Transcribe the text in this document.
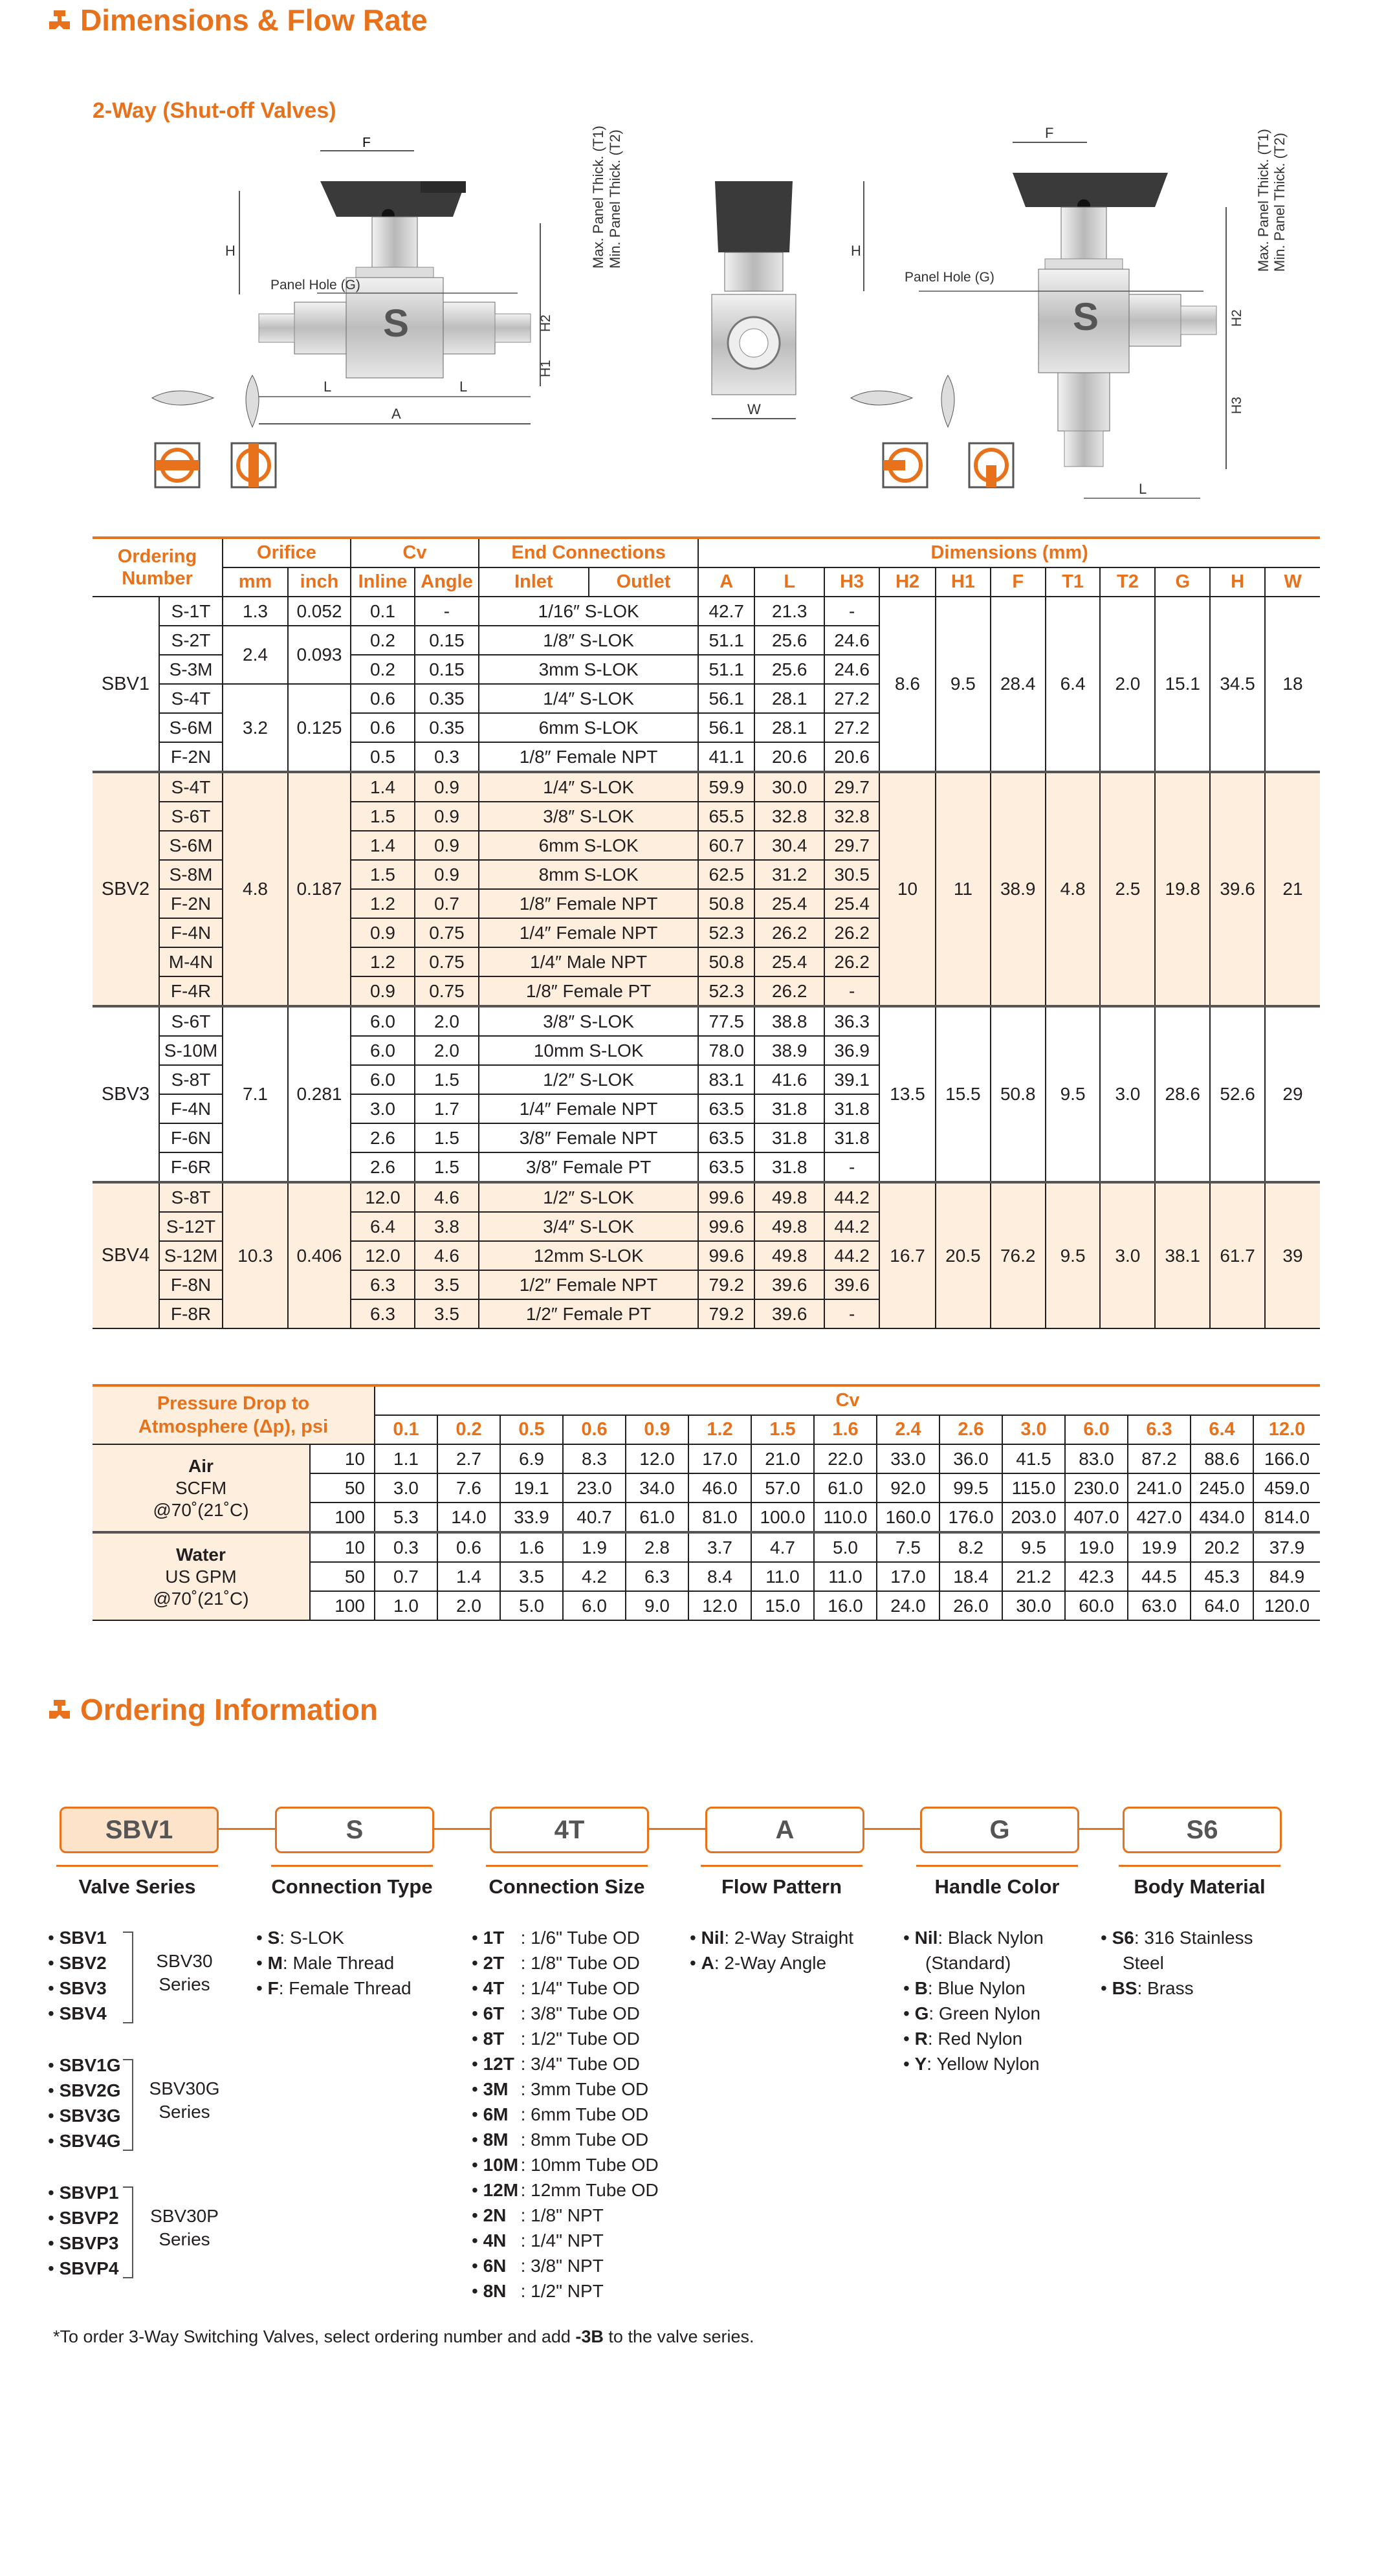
Dimensions & Flow Rate
2-Way (Shut-off Valves)
S
F
H
Panel Hole (G)
H2
H1
Max. Panel Thick. (T1) Min. Panel Thick. (T2)
A
L	L
W
S
F
H
Panel Hole (G)
H2
H3
Max. Panel Thick. (T1) Min. Panel Thick. (T2)
L
Ordering
Number		Orifice		Cv		End Connections		Dimensions (mm)										
		mm	inch	Inline	Angle	Inlet	Outlet	A	L	H3	H2	H1	F	T1	T2	G	H	W
SBV1	S-1T	1.3	0.052	0.1	-	1/16″ S-LOK		42.7	21.3	-	8.6	9.5	28.4	6.4	2.0	15.1	34.5	18
	S-2T	2.4	0.093	0.2	0.15	1/8″ S-LOK		51.1	25.6	24.6								
	S-3M			0.2	0.15	3mm S-LOK		51.1	25.6	24.6								
	S-4T	3.2	0.125	0.6	0.35	1/4″ S-LOK		56.1	28.1	27.2								
	S-6M			0.6	0.35	6mm S-LOK		56.1	28.1	27.2								
	F-2N			0.5	0.3	1/8″ Female NPT		41.1	20.6	20.6								
SBV2	S-4T	4.8	0.187	1.4	0.9	1/4″ S-LOK		59.9	30.0	29.7	10	11	38.9	4.8	2.5	19.8	39.6	21
	S-6T			1.5	0.9	3/8″ S-LOK		65.5	32.8	32.8								
	S-6M			1.4	0.9	6mm S-LOK		60.7	30.4	29.7								
	S-8M			1.5	0.9	8mm S-LOK		62.5	31.2	30.5								
	F-2N			1.2	0.7	1/8″ Female NPT		50.8	25.4	25.4								
	F-4N			0.9	0.75	1/4″ Female NPT		52.3	26.2	26.2								
	M-4N			1.2	0.75	1/4″ Male NPT		50.8	25.4	26.2								
	F-4R			0.9	0.75	1/8″ Female PT		52.3	26.2	-								
SBV3	S-6T	7.1	0.281	6.0	2.0	3/8″ S-LOK		77.5	38.8	36.3	13.5	15.5	50.8	9.5	3.0	28.6	52.6	29
	S-10M			6.0	2.0	10mm S-LOK		78.0	38.9	36.9								
	S-8T			6.0	1.5	1/2″ S-LOK		83.1	41.6	39.1								
	F-4N			3.0	1.7	1/4″ Female NPT		63.5	31.8	31.8								
	F-6N			2.6	1.5	3/8″ Female NPT		63.5	31.8	31.8								
	F-6R			2.6	1.5	3/8″ Female PT		63.5	31.8	-								
SBV4	S-8T	10.3	0.406	12.0	4.6	1/2″ S-LOK		99.6	49.8	44.2	16.7	20.5	76.2	9.5	3.0	38.1	61.7	39
	S-12T			6.4	3.8	3/4″ S-LOK		99.6	49.8	44.2								
	S-12M			12.0	4.6	12mm S-LOK		99.6	49.8	44.2								
	F-8N			6.3	3.5	1/2″ Female NPT		79.2	39.6	39.6								
	F-8R			6.3	3.5	1/2″ Female PT		79.2	39.6	-								
Pressure Drop to
Atmosphere (Δp), psi		Cv														
		0.1	0.2	0.5	0.6	0.9	1.2	1.5	1.6	2.4	2.6	3.0	6.0	6.3	6.4	12.0
Air
SCFM
@70˚(21˚C)	10	1.1	2.7	6.9	8.3	12.0	17.0	21.0	22.0	33.0	36.0	41.5	83.0	87.2	88.6	166.0
	50	3.0	7.6	19.1	23.0	34.0	46.0	57.0	61.0	92.0	99.5	115.0	230.0	241.0	245.0	459.0
	100	5.3	14.0	33.9	40.7	61.0	81.0	100.0	110.0	160.0	176.0	203.0	407.0	427.0	434.0	814.0
Water
US GPM
@70˚(21˚C)	10	0.3	0.6	1.6	1.9	2.8	3.7	4.7	5.0	7.5	8.2	9.5	19.0	19.9	20.2	37.9
	50	0.7	1.4	3.5	4.2	6.3	8.4	11.0	11.0	17.0	18.4	21.2	42.3	44.5	45.3	84.9
	100	1.0	2.0	5.0	6.0	9.0	12.0	15.0	16.0	24.0	26.0	30.0	60.0	63.0	64.0	120.0
Ordering Information
SBV1
Valve Series
S
Connection Type
4T
Connection Size
A
Flow Pattern
G
Handle Color
S6
Body Material
• SBV1
• SBV2
• SBV3
• SBV4
SBV30
Series
• SBV1G
• SBV2G
• SBV3G
• SBV4G
SBV30G
Series
• SBVP1
• SBVP2
• SBVP3
• SBVP4
SBV30P
Series
• S: S-LOK
• M: Male Thread
• F: Female Thread
• 1T : 1/6" Tube OD
• 2T : 1/8" Tube OD
• 4T : 1/4" Tube OD
• 6T : 3/8" Tube OD
• 8T : 1/2" Tube OD
• 12T : 3/4" Tube OD
• 3M : 3mm Tube OD
• 6M : 6mm Tube OD
• 8M : 8mm Tube OD
• 10M : 10mm Tube OD
• 12M : 12mm Tube OD
• 2N : 1/8" NPT
• 4N : 1/4" NPT
• 6N : 3/8" NPT
• 8N : 1/2" NPT
• Nil: 2-Way Straight
• A: 2-Way Angle
• Nil: Black Nylon
(Standard)
• B: Blue Nylon
• G: Green Nylon
• R: Red Nylon
• Y: Yellow Nylon
• S6: 316 Stainless
Steel
• BS: Brass
*To order 3-Way Switching Valves, select ordering number and add -3B to the valve series.
